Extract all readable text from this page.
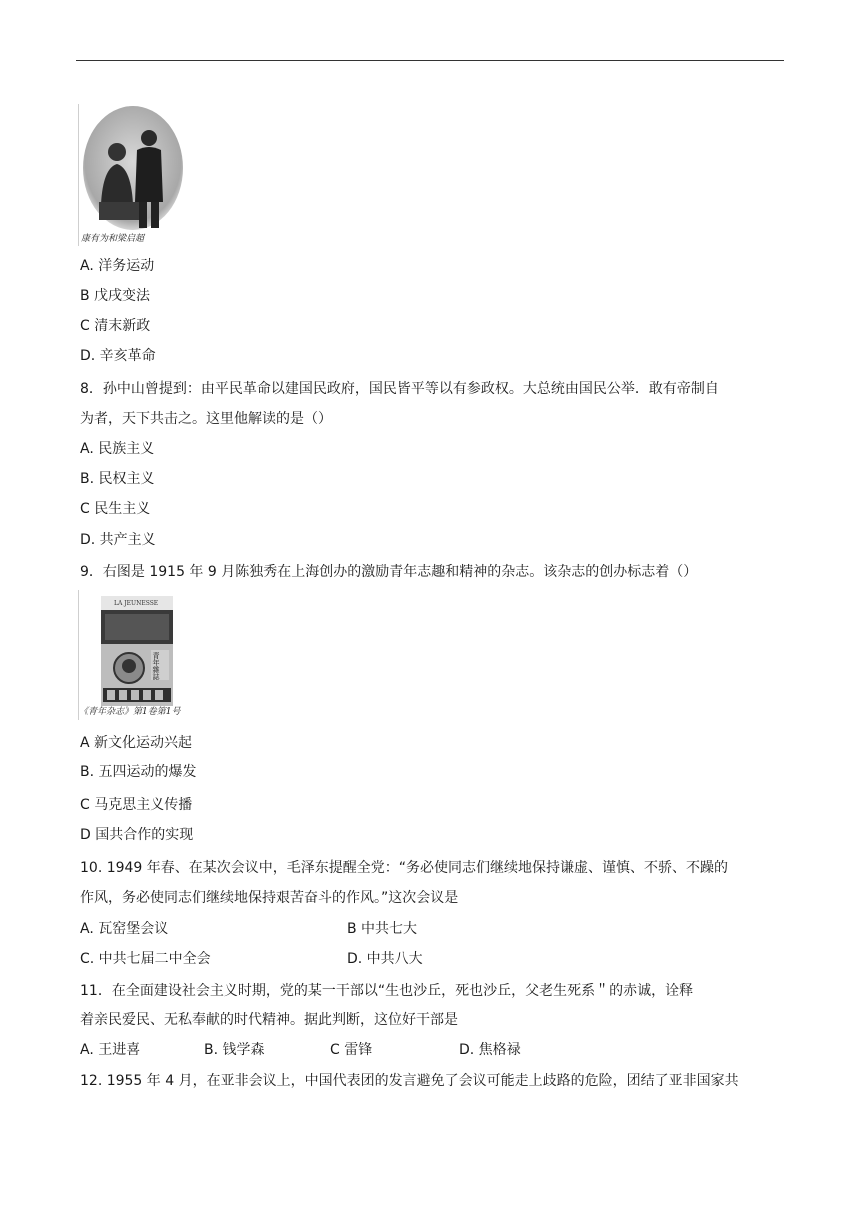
康有为和梁启超
A. 洋务运动
B 戊戌变法
C 清末新政
D. 辛亥革命
8．孙中山曾提到：由平民革命以建国民政府，国民皆平等以有参政权。大总统由国民公举．敢有帝制自
为者，天下共击之。这里他解读的是（）
A. 民族主义
B. 民权主义
C 民生主义
D. 共产主义
9．右图是 1915 年 9 月陈独秀在上海创办的激励青年志趣和精神的杂志。该杂志的创办标志着（）
LA JEUNESSE
青年雜誌
《青年杂志》第1卷第1号
A 新文化运动兴起
B. 五四运动的爆发
C 马克思主义传播
D 国共合作的实现
10. 1949 年春、在某次会议中，毛泽东提醒全党：“务必使同志们继续地保持谦虚、谨慎、不骄、不躁的
作风，务必使同志们继续地保持艰苦奋斗的作风。”这次会议是
A. 瓦窑堡会议	B 中共七大
C. 中共七届二中全会	D. 中共八大
11．在全面建设社会主义时期，党的某一干部以“生也沙丘，死也沙丘，父老生死系＂的赤诚，诠释
着亲民爱民、无私奉献的时代精神。据此判断，这位好干部是
A. 王进喜	B. 钱学森	C 雷锋	D. 焦格禄
12. 1955 年 4 月，在亚非会议上，中国代表团的发言避免了会议可能走上歧路的危险，团结了亚非国家共
